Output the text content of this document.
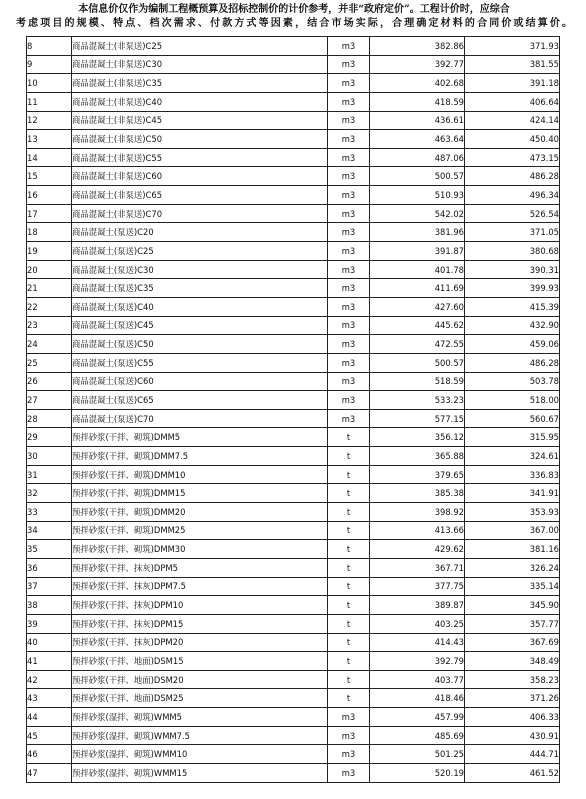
本信息价仅作为编制工程概预算及招标控制价的计价参考，并非“政府定价”。工程计价时，应综合
考虑项目的规模、特点、档次需求、付款方式等因素，结合市场实际，合理确定材料的合同价或结算价。
8	商品混凝土(非泵送)C25	m3	382.86	371.93
9	商品混凝土(非泵送)C30	m3	392.77	381.55
10	商品混凝土(非泵送)C35	m3	402.68	391.18
11	商品混凝土(非泵送)C40	m3	418.59	406.64
12	商品混凝土(非泵送)C45	m3	436.61	424.14
13	商品混凝土(非泵送)C50	m3	463.64	450.40
14	商品混凝土(非泵送)C55	m3	487.06	473.15
15	商品混凝土(非泵送)C60	m3	500.57	486.28
16	商品混凝土(非泵送)C65	m3	510.93	496.34
17	商品混凝土(非泵送)C70	m3	542.02	526.54
18	商品混凝土(泵送)C20	m3	381.96	371.05
19	商品混凝土(泵送)C25	m3	391.87	380.68
20	商品混凝土(泵送)C30	m3	401.78	390.31
21	商品混凝土(泵送)C35	m3	411.69	399.93
22	商品混凝土(泵送)C40	m3	427.60	415.39
23	商品混凝土(泵送)C45	m3	445.62	432.90
24	商品混凝土(泵送)C50	m3	472.55	459.06
25	商品混凝土(泵送)C55	m3	500.57	486.28
26	商品混凝土(泵送)C60	m3	518.59	503.78
27	商品混凝土(泵送)C65	m3	533.23	518.00
28	商品混凝土(泵送)C70	m3	577.15	560.67
29	预拌砂浆(干拌、砌筑)DMM5	t	356.12	315.95
30	预拌砂浆(干拌、砌筑)DMM7.5	t	365.88	324.61
31	预拌砂浆(干拌、砌筑)DMM10	t	379.65	336.83
32	预拌砂浆(干拌、砌筑)DMM15	t	385.38	341.91
33	预拌砂浆(干拌、砌筑)DMM20	t	398.92	353.93
34	预拌砂浆(干拌、砌筑)DMM25	t	413.66	367.00
35	预拌砂浆(干拌、砌筑)DMM30	t	429.62	381.16
36	预拌砂浆(干拌、抹灰)DPM5	t	367.71	326.24
37	预拌砂浆(干拌、抹灰)DPM7.5	t	377.75	335.14
38	预拌砂浆(干拌、抹灰)DPM10	t	389.87	345.90
39	预拌砂浆(干拌、抹灰)DPM15	t	403.25	357.77
40	预拌砂浆(干拌、抹灰)DPM20	t	414.43	367.69
41	预拌砂浆(干拌、地面)DSM15	t	392.79	348.49
42	预拌砂浆(干拌、地面)DSM20	t	403.77	358.23
43	预拌砂浆(干拌、地面)DSM25	t	418.46	371.26
44	预拌砂浆(湿拌、砌筑)WMM5	m3	457.99	406.33
45	预拌砂浆(湿拌、砌筑)WMM7.5	m3	485.69	430.91
46	预拌砂浆(湿拌、砌筑)WMM10	m3	501.25	444.71
47	预拌砂浆(湿拌、砌筑)WMM15	m3	520.19	461.52
